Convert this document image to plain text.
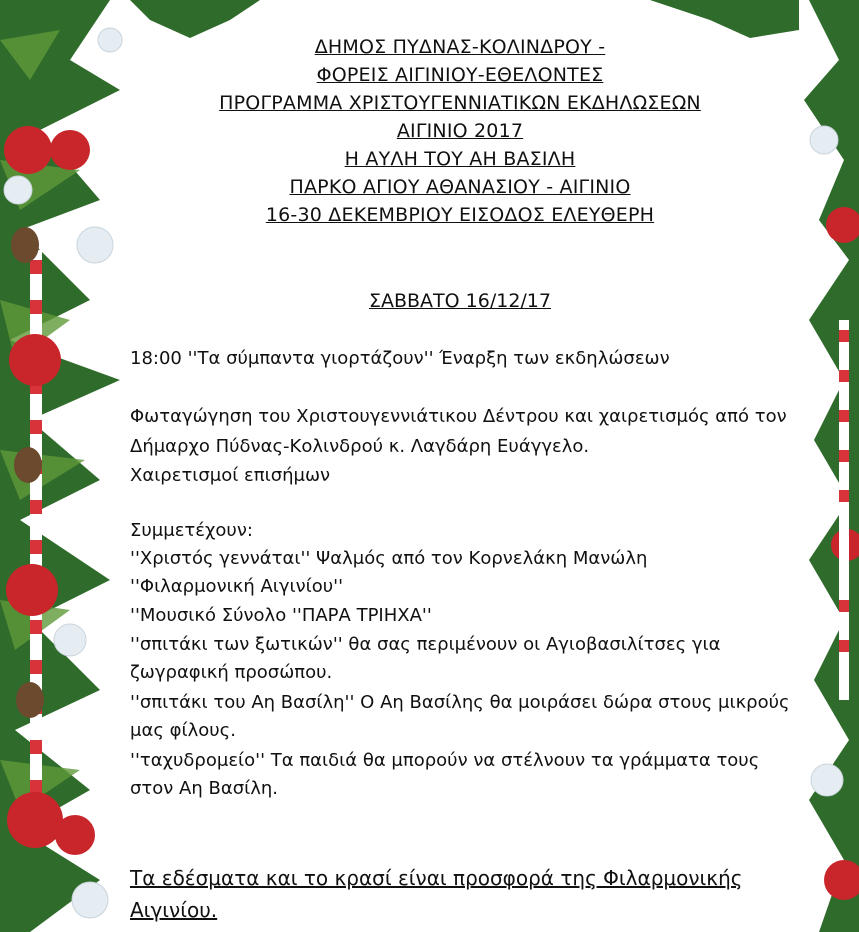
ΔΗΜΟΣ ΠΥΔΝΑΣ-ΚΟΛΙΝΔΡΟΥ -
ΦΟΡΕΙΣ ΑΙΓΙΝΙΟΥ-ΕΘΕΛΟΝΤΕΣ
ΠΡΟΓΡΑΜΜΑ ΧΡΙΣΤΟΥΓΕΝΝΙΑΤΙΚΩΝ ΕΚΔΗΛΩΣΕΩΝ
ΑΙΓΙΝΙΟ 2017
Η ΑΥΛΗ ΤΟΥ ΑΗ ΒΑΣΙΛΗ
ΠΑΡΚΟ ΑΓΙΟΥ ΑΘΑΝΑΣΙΟΥ - ΑΙΓΙΝΙΟ
16-30 ΔΕΚΕΜΒΡΙΟΥ ΕΙΣΟΔΟΣ ΕΛΕΥΘΕΡΗ
ΣΑΒΒΑΤΟ 16/12/17
18:00 ''Τα σύμπαντα γιορτάζουν'' Έναρξη των εκδηλώσεων
Φωταγώγηση του Χριστουγεννιάτικου Δέντρου και χαιρετισμός από τον
Δήμαρχο Πύδνας-Κολινδρού κ. Λαγδάρη Ευάγγελο.
Χαιρετισμοί επισήμων
Συμμετέχουν:
''Χριστός γεννάται'' Ψαλμός από τον Κορνελάκη Μανώλη
''Φιλαρμονική Αιγινίου''
''Μουσικό Σύνολο ''ΠΑΡΑ ΤΡΙΗΧΑ''
''σπιτάκι των ξωτικών'' θα σας περιμένουν οι Αγιοβασιλίτσες για
ζωγραφική προσώπου.
''σπιτάκι του Αη Βασίλη'' Ο Αη Βασίλης θα μοιράσει δώρα στους μικρούς
μας φίλους.
''ταχυδρομείο'' Τα παιδιά θα μπορούν να στέλνουν τα γράμματα τους
στον Αη Βασίλη.
Τα εδέσματα και το κρασί είναι προσφορά της Φιλαρμονικής
Αιγινίου.
